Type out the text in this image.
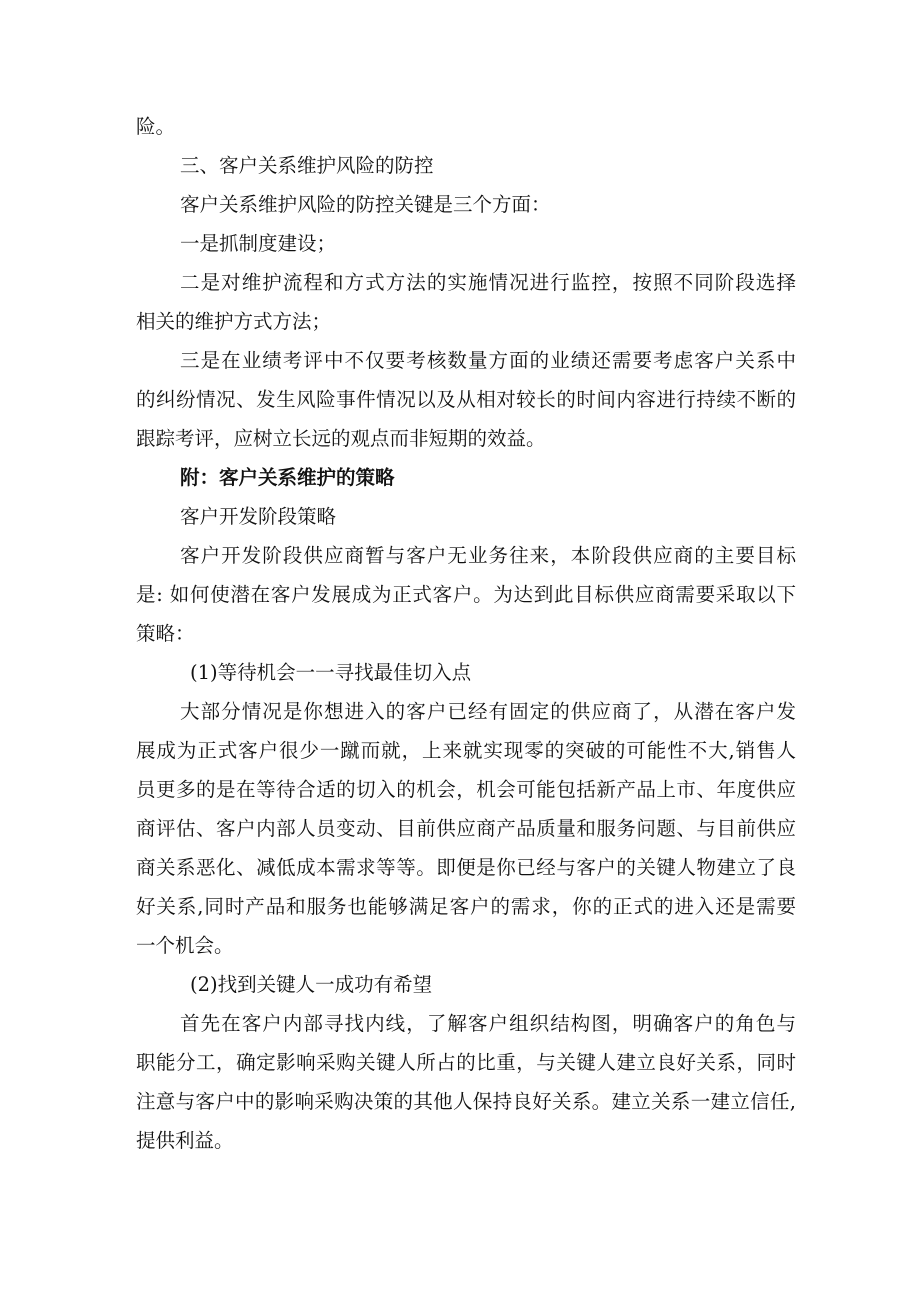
险。
三、客户关系维护风险的防控
客户关系维护风险的防控关键是三个方面：
一是抓制度建设；
二是对维护流程和方式方法的实施情况进行监控，按照不同阶段选择
相关的维护方式方法；
三是在业绩考评中不仅要考核数量方面的业绩还需要考虑客户关系中
的纠纷情况、发生风险事件情况以及从相对较长的时间内容进行持续不断的
跟踪考评，应树立长远的观点而非短期的效益。
附：客户关系维护的策略
客户开发阶段策略
客户开发阶段供应商暂与客户无业务往来，本阶段供应商的主要目标
是: 如何使潜在客户发展成为正式客户。为达到此目标供应商需要采取以下
策略：
(1)等待机会一一寻找最佳切入点
大部分情况是你想进入的客户已经有固定的供应商了，从潜在客户发
展成为正式客户很少一蹴而就，上来就实现零的突破的可能性不大,销售人
员更多的是在等待合适的切入的机会，机会可能包括新产品上市、年度供应
商评估、客户内部人员变动、目前供应商产品质量和服务问题、与目前供应
商关系恶化、减低成本需求等等。即便是你已经与客户的关键人物建立了良
好关系,同时产品和服务也能够满足客户的需求，你的正式的进入还是需要
一个机会。
(2)找到关键人一成功有希望
首先在客户内部寻找内线，了解客户组织结构图，明确客户的角色与
职能分工，确定影响采购关键人所占的比重，与关键人建立良好关系，同时
注意与客户中的影响采购决策的其他人保持良好关系。建立关系一建立信任,
提供利益。
